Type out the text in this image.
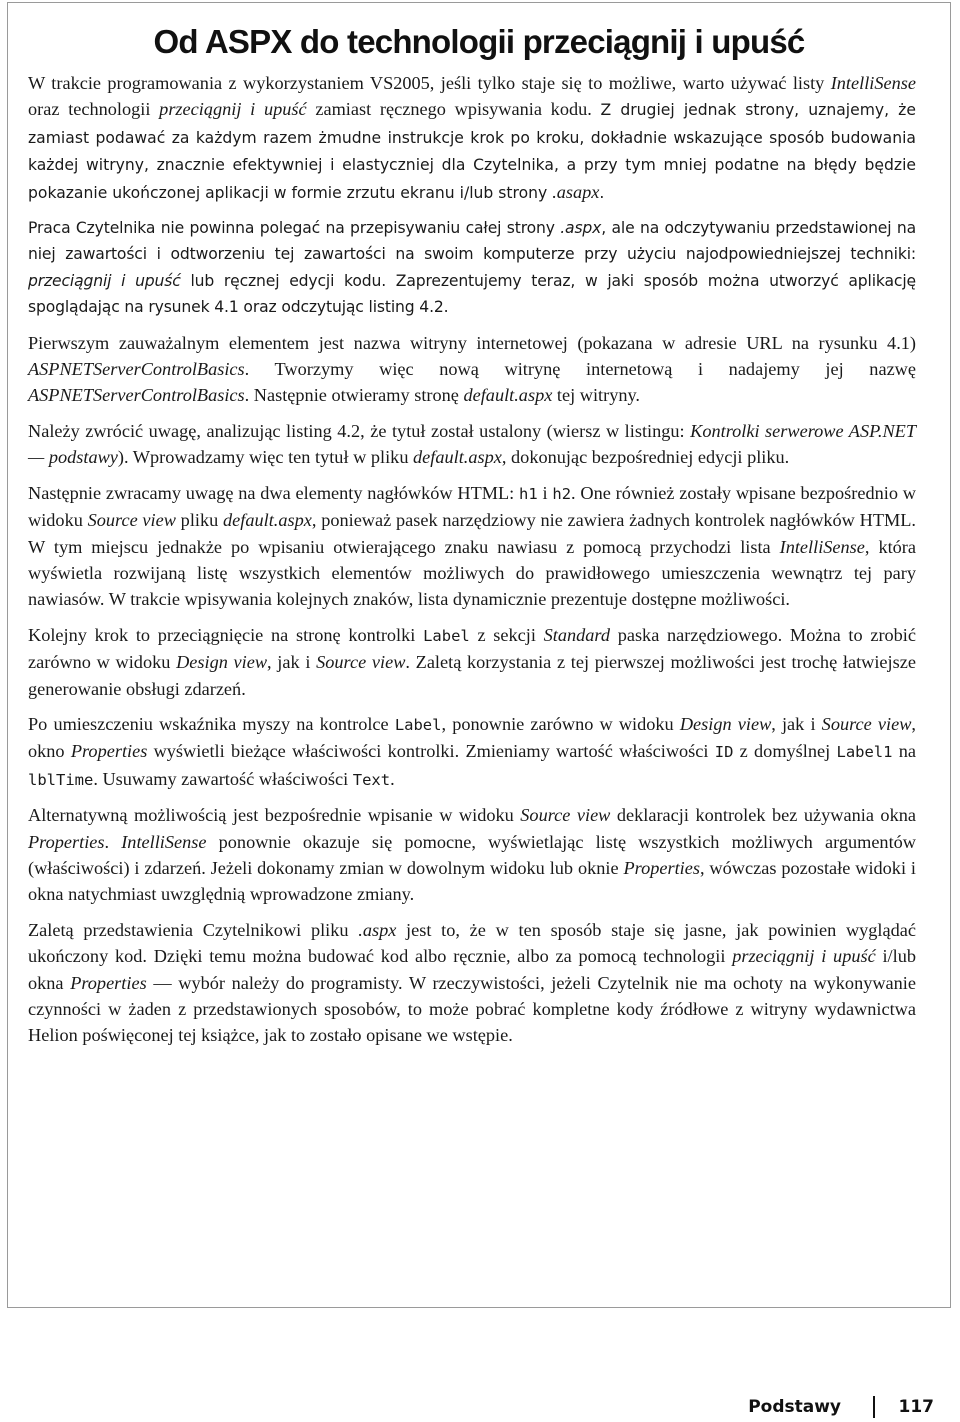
Od ASPX do technologii przeciągnij i upuść

W trakcie programowania z wykorzystaniem VS2005, jeśli tylko staje się to możliwe, warto używać listy IntelliSense oraz technologii przeciągnij i upuść zamiast ręcznego wpisywania kodu. Z drugiej jednak strony, uznajemy, że zamiast podawać za każdym razem żmudne instrukcje krok po kroku, dokładnie wskazujące sposób budowania każdej witryny, znacznie efektywniej i elastyczniej dla Czytelnika, a przy tym mniej podatne na błędy będzie pokazanie ukończonej aplikacji w formie zrzutu ekranu i/lub strony .asapx.

Praca Czytelnika nie powinna polegać na przepisywaniu całej strony .aspx, ale na odczytywaniu przedstawionej na niej zawartości i odtworzeniu tej zawartości na swoim komputerze przy użyciu najodpowiedniejszej techniki: przeciągnij i upuść lub ręcznej edycji kodu. Zaprezentujemy teraz, w jaki sposób można utworzyć aplikację spoglądając na rysunek 4.1 oraz odczytując listing 4.2.

Pierwszym zauważalnym elementem jest nazwa witryny internetowej (pokazana w adresie URL na rysunku 4.1) ASPNETServerControlBasics. Tworzymy więc nową witrynę internetową i nadajemy jej nazwę ASPNETServerControlBasics. Następnie otwieramy stronę default.aspx tej witryny.

Należy zwrócić uwagę, analizując listing 4.2, że tytuł został ustalony (wiersz w listingu: Kontrolki serwerowe ASP.NET — podstawy). Wprowadzamy więc ten tytuł w pliku default.aspx, dokonując bezpośredniej edycji pliku.

Następnie zwracamy uwagę na dwa elementy nagłówków HTML: h1 i h2. One również zostały wpisane bezpośrednio w widoku Source view pliku default.aspx, ponieważ pasek narzędziowy nie zawiera żadnych kontrolek nagłówków HTML. W tym miejscu jednakże po wpisaniu otwierającego znaku nawiasu z pomocą przychodzi lista IntelliSense, która wyświetla rozwijaną listę wszystkich elementów możliwych do prawidłowego umieszczenia wewnątrz tej pary nawiasów. W trakcie wpisywania kolejnych znaków, lista dynamicznie prezentuje dostępne możliwości.

Kolejny krok to przeciągnięcie na stronę kontrolki Label z sekcji Standard paska narzędziowego. Można to zrobić zarówno w widoku Design view, jak i Source view. Zaletą korzystania z tej pierwszej możliwości jest trochę łatwiejsze generowanie obsługi zdarzeń.

Po umieszczeniu wskaźnika myszy na kontrolce Label, ponownie zarówno w widoku Design view, jak i Source view, okno Properties wyświetli bieżące właściwości kontrolki. Zmieniamy wartość właściwości ID z domyślnej Label1 na lblTime. Usuwamy zawartość właściwości Text.

Alternatywną możliwością jest bezpośrednie wpisanie w widoku Source view deklaracji kontrolek bez używania okna Properties. IntelliSense ponownie okazuje się pomocne, wyświetlając listę wszystkich możliwych argumentów (właściwości) i zdarzeń. Jeżeli dokonamy zmian w dowolnym widoku lub oknie Properties, wówczas pozostałe widoki i okna natychmiast uwzględnią wprowadzone zmiany.

Zaletą przedstawienia Czytelnikowi pliku .aspx jest to, że w ten sposób staje się jasne, jak powinien wyglądać ukończony kod. Dzięki temu można budować kod albo ręcznie, albo za pomocą technologii przeciągnij i upuść i/lub okna Properties — wybór należy do programisty. W rzeczywistości, jeżeli Czytelnik nie ma ochoty na wykonywanie czynności w żaden z przedstawionych sposobów, to może pobrać kompletne kody źródłowe z witryny wydawnictwa Helion poświęconej tej książce, jak to zostało opisane we wstępie.

Podstawy	117
